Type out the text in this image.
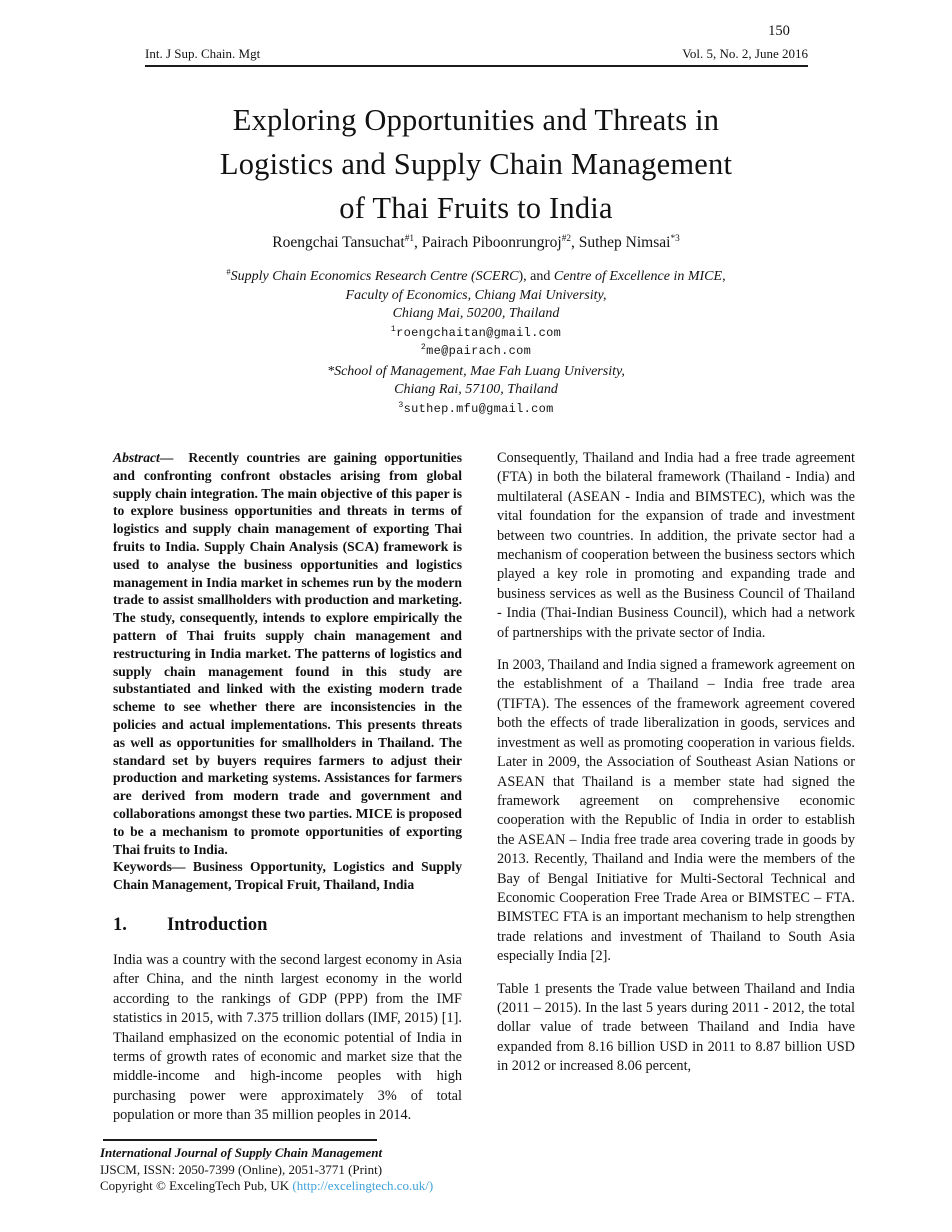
150
Int. J Sup. Chain. Mgt	Vol. 5, No. 2, June 2016
Exploring Opportunities and Threats in
Logistics and Supply Chain Management
of Thai Fruits to India
Roengchai Tansuchat$^{\#1}$, Pairach Piboonrungroj$^{\#2}$, Suthep Nimsai$^{*3}$
#Supply Chain Economics Research Centre (SCERC), and Centre of Excellence in MICE,
Faculty of Economics, Chiang Mai University,
Chiang Mai, 50200, Thailand
$^1$roengchaitan@gmail.com
$^2$me@pairach.com
*School of Management, Mae Fah Luang University,
Chiang Rai, 57100, Thailand
$^3$suthep.mfu@gmail.com
Abstract— Recently countries are gaining opportunities and confronting confront obstacles arising from global supply chain integration. The main objective of this paper is to explore business opportunities and threats in terms of logistics and supply chain management of exporting Thai fruits to India. Supply Chain Analysis (SCA) framework is used to analyse the business opportunities and logistics management in India market in schemes run by the modern trade to assist smallholders with production and marketing. The study, consequently, intends to explore empirically the pattern of Thai fruits supply chain management and restructuring in India market. The patterns of logistics and supply chain management found in this study are substantiated and linked with the existing modern trade scheme to see whether there are inconsistencies in the policies and actual implementations. This presents threats as well as opportunities for smallholders in Thailand. The standard set by buyers requires farmers to adjust their production and marketing systems. Assistances for farmers are derived from modern trade and government and collaborations amongst these two parties. MICE is proposed to be a mechanism to promote opportunities of exporting Thai fruits to India.
Keywords— Business Opportunity, Logistics and Supply Chain Management, Tropical Fruit, Thailand, India
1. Introduction
India was a country with the second largest economy in Asia after China, and the ninth largest economy in the world according to the rankings of GDP (PPP) from the IMF statistics in 2015, with 7.375 trillion dollars (IMF, 2015) [1]. Thailand emphasized on the economic potential of India in terms of growth rates of economic and market size that the middle-income and high-income peoples with high purchasing power were approximately 3% of total population or more than 35 million peoples in 2014.
Consequently, Thailand and India had a free trade agreement (FTA) in both the bilateral framework (Thailand - India) and multilateral (ASEAN - India and BIMSTEC), which was the vital foundation for the expansion of trade and investment between two countries. In addition, the private sector had a mechanism of cooperation between the business sectors which played a key role in promoting and expanding trade and business services as well as the Business Council of Thailand - India (Thai-Indian Business Council), which had a network of partnerships with the private sector of India.
In 2003, Thailand and India signed a framework agreement on the establishment of a Thailand – India free trade area (TIFTA). The essences of the framework agreement covered both the effects of trade liberalization in goods, services and investment as well as promoting cooperation in various fields. Later in 2009, the Association of Southeast Asian Nations or ASEAN that Thailand is a member state had signed the framework agreement on comprehensive economic cooperation with the Republic of India in order to establish the ASEAN – India free trade area covering trade in goods by 2013. Recently, Thailand and India were the members of the Bay of Bengal Initiative for Multi-Sectoral Technical and Economic Cooperation Free Trade Area or BIMSTEC – FTA. BIMSTEC FTA is an important mechanism to help strengthen trade relations and investment of Thailand to South Asia especially India [2].
Table 1 presents the Trade value between Thailand and India (2011 – 2015). In the last 5 years during 2011 - 2012, the total dollar value of trade between Thailand and India have expanded from 8.16 billion USD in 2011 to 8.87 billion USD in 2012 or increased 8.06 percent,
International Journal of Supply Chain Management
IJSCM, ISSN: 2050-7399 (Online), 2051-3771 (Print)
Copyright © ExcelingTech Pub, UK (http://excelingtech.co.uk/)
